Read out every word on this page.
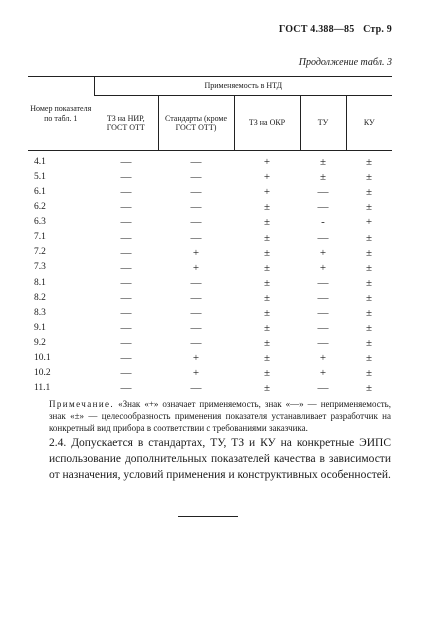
ГОСТ 4.388—85 Стр. 9
Продолжение табл. 3
Номер показателя по табл. 1	Применяемость в НТД				
	ТЗ на НИР, ГОСТ ОТТ	Стандарты (кроме ГОСТ ОТТ)	ТЗ на ОКР	ТУ	КУ
4.1	—	—	+	±	±
5.1	—	—	+	±	±
6.1	—	—	+	—	±
6.2	—	—	±	—	±
6.3	—	—	±	-	+
7.1	—	—	±	—	±
7.2	—	+	±	+	±
7.3	—	+	±	+	±
8.1	—	—	±	—	±
8.2	—	—	±	—	±
8.3	—	—	±	—	±
9.1	—	—	±	—	±
9.2	—	—	±	—	±
10.1	—	+	±	+	±
10.2	—	+	±	+	±
11.1	—	—	±	—	±
Примечание. «Знак «+» означает применяемость, знак «—» — неприменяемость, знак «±» — целесообразность применения показателя устанавливает разработчик на конкретный вид прибора в соответствии с требованиями заказчика.
2.4. Допускается в стандартах, ТУ, ТЗ и КУ на конкретные ЭИПС использование дополнительных показателей качества в зависимости от назначения, условий применения и конструктивных особенностей.
